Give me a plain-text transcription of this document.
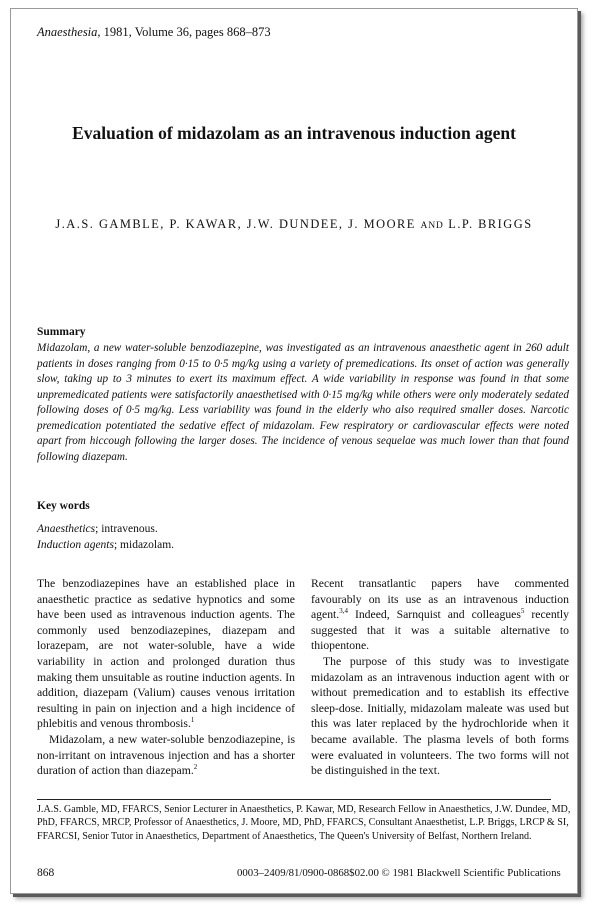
Anaesthesia, 1981, Volume 36, pages 868–873
Evaluation of midazolam as an intravenous induction agent
J.A.S. GAMBLE, P. KAWAR, J.W. DUNDEE, J. MOORE AND L.P. BRIGGS
Summary
Midazolam, a new water-soluble benzodiazepine, was investigated as an intravenous anaesthetic agent in 260 adult patients in doses ranging from 0·15 to 0·5 mg/kg using a variety of premedications. Its onset of action was generally slow, taking up to 3 minutes to exert its maximum effect. A wide variability in response was found in that some unpremedicated patients were satisfactorily anaesthetised with 0·15 mg/kg while others were only moderately sedated following doses of 0·5 mg/kg. Less variability was found in the elderly who also required smaller doses. Narcotic premedication potentiated the sedative effect of midazolam. Few respiratory or cardiovascular effects were noted apart from hiccough following the larger doses. The incidence of venous sequelae was much lower than that found following diazepam.
Key words
Anaesthetics; intravenous.
Induction agents; midazolam.

The benzodiazepines have an established place in anaesthetic practice as sedative hypnotics and some have been used as intravenous induction agents. The commonly used benzodiazepines, diazepam and lorazepam, are not water-soluble, have a wide variability in action and prolonged duration thus making them unsuitable as routine induction agents. In addition, diazepam (Valium) causes venous irritation resulting in pain on injection and a high incidence of phlebitis and venous thrombosis.$^1$

Midazolam, a new water-soluble benzodiazepine, is non-irritant on intravenous injection and has a shorter duration of action than diazepam.$^2$

Recent transatlantic papers have commented favourably on its use as an intravenous induction agent.$^{3,4}$ Indeed, Sarnquist and colleagues$^5$ recently suggested that it was a suitable alternative to thiopentone.

The purpose of this study was to investigate midazolam as an intravenous induction agent with or without premedication and to establish its effective sleep-dose. Initially, midazolam maleate was used but this was later replaced by the hydrochloride when it became available. The plasma levels of both forms were evaluated in volunteers. The two forms will not be distinguished in the text.

J.A.S. Gamble, MD, FFARCS, Senior Lecturer in Anaesthetics, P. Kawar, MD, Research Fellow in Anaesthetics, J.W. Dundee, MD, PhD, FFARCS, MRCP, Professor of Anaesthetics, J. Moore, MD, PhD, FFARCS, Consultant Anaesthetist, L.P. Briggs, LRCP & SI, FFARCSI, Senior Tutor in Anaesthetics, Department of Anaesthetics, The Queen's University of Belfast, Northern Ireland.
868	0003–2409/81/0900-0868$02.00 © 1981 Blackwell Scientific Publications
